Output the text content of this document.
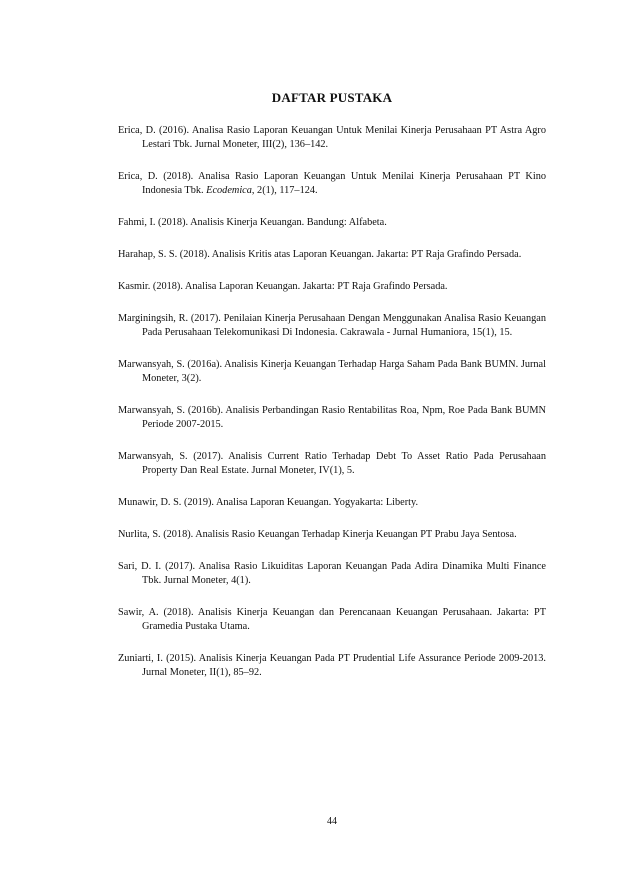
DAFTAR PUSTAKA
Erica, D. (2016). Analisa Rasio Laporan Keuangan Untuk Menilai Kinerja Perusahaan PT Astra Agro Lestari Tbk. Jurnal Moneter, III(2), 136–142.
Erica, D. (2018). Analisa Rasio Laporan Keuangan Untuk Menilai Kinerja Perusahaan PT Kino Indonesia Tbk. Ecodemica, 2(1), 117–124.
Fahmi, I. (2018). Analisis Kinerja Keuangan. Bandung: Alfabeta.
Harahap, S. S. (2018). Analisis Kritis atas Laporan Keuangan. Jakarta: PT Raja Grafindo Persada.
Kasmir. (2018). Analisa Laporan Keuangan. Jakarta: PT Raja Grafindo Persada.
Marginingsih, R. (2017). Penilaian Kinerja Perusahaan Dengan Menggunakan Analisa Rasio Keuangan Pada Perusahaan Telekomunikasi Di Indonesia. Cakrawala - Jurnal Humaniora, 15(1), 15.
Marwansyah, S. (2016a). Analisis Kinerja Keuangan Terhadap Harga Saham Pada Bank BUMN. Jurnal Moneter, 3(2).
Marwansyah, S. (2016b). Analisis Perbandingan Rasio Rentabilitas Roa, Npm, Roe Pada Bank BUMN Periode 2007-2015.
Marwansyah, S. (2017). Analisis Current Ratio Terhadap Debt To Asset Ratio Pada Perusahaan Property Dan Real Estate. Jurnal Moneter, IV(1), 5.
Munawir, D. S. (2019). Analisa Laporan Keuangan. Yogyakarta: Liberty.
Nurlita, S. (2018). Analisis Rasio Keuangan Terhadap Kinerja Keuangan PT Prabu Jaya Sentosa.
Sari, D. I. (2017). Analisa Rasio Likuiditas Laporan Keuangan Pada Adira Dinamika Multi Finance Tbk. Jurnal Moneter, 4(1).
Sawir, A. (2018). Analisis Kinerja Keuangan dan Perencanaan Keuangan Perusahaan. Jakarta: PT Gramedia Pustaka Utama.
Zuniarti, I. (2015). Analisis Kinerja Keuangan Pada PT Prudential Life Assurance Periode 2009-2013. Jurnal Moneter, II(1), 85–92.
44
